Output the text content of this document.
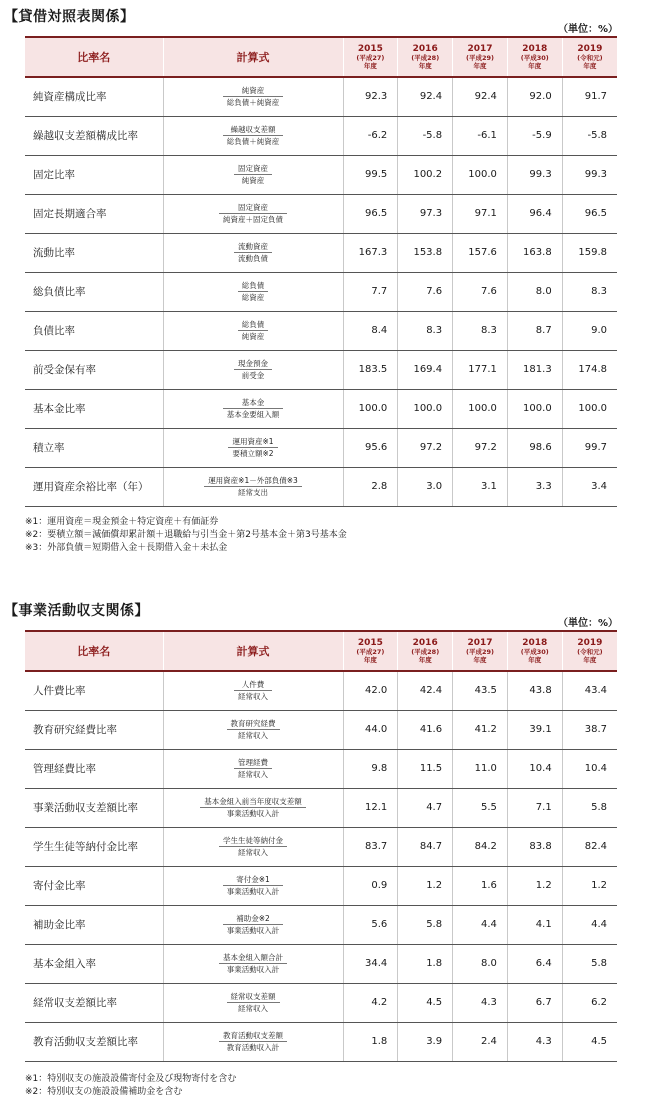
【貸借対照表関係】
（単位：%）
比率名	計算式	2015
(平成27)
年度	2016
(平成28)
年度	2017
(平成29)
年度	2018
(平成30)
年度	2019
(令和元)
年度

純資産構成比率	$\frac{\text{純資産}}{\text{総負債＋純資産}}$	92.3	92.4	92.4	92.0	91.7
繰越収支差額構成比率	$\frac{\text{繰越収支差額}}{\text{総負債＋純資産}}$	-6.2	-5.8	-6.1	-5.9	-5.8
固定比率	$\frac{\text{固定資産}}{\text{純資産}}$	99.5	100.2	100.0	99.3	99.3
固定長期適合率	$\frac{\text{固定資産}}{\text{純資産＋固定負債}}$	96.5	97.3	97.1	96.4	96.5
流動比率	$\frac{\text{流動資産}}{\text{流動負債}}$	167.3	153.8	157.6	163.8	159.8
総負債比率	$\frac{\text{総負債}}{\text{総資産}}$	7.7	7.6	7.6	8.0	8.3
負債比率	$\frac{\text{総負債}}{\text{純資産}}$	8.4	8.3	8.3	8.7	9.0
前受金保有率	$\frac{\text{現金預金}}{\text{前受金}}$	183.5	169.4	177.1	181.3	174.8
基本金比率	$\frac{\text{基本金}}{\text{基本金要組入額}}$	100.0	100.0	100.0	100.0	100.0
積立率	$\frac{\text{運用資産※1}}{\text{要積立額※2}}$	95.6	97.2	97.2	98.6	99.7
運用資産余裕比率（年）	$\frac{\text{運用資産※1－外部負債※3}}{\text{経常支出}}$	2.8	3.0	3.1	3.3	3.4
※1：運用資産＝現金預金＋特定資産＋有価証券
※2：要積立額＝減価償却累計額＋退職給与引当金＋第2号基本金＋第3号基本金
※3：外部負債＝短期借入金＋長期借入金＋未払金
【事業活動収支関係】
（単位：%）
比率名	計算式	2015
(平成27)
年度	2016
(平成28)
年度	2017
(平成29)
年度	2018
(平成30)
年度	2019
(令和元)
年度

人件費比率	$\frac{\text{人件費}}{\text{経常収入}}$	42.0	42.4	43.5	43.8	43.4
教育研究経費比率	$\frac{\text{教育研究経費}}{\text{経常収入}}$	44.0	41.6	41.2	39.1	38.7
管理経費比率	$\frac{\text{管理経費}}{\text{経常収入}}$	9.8	11.5	11.0	10.4	10.4
事業活動収支差額比率	$\frac{\text{基本金組入前当年度収支差額}}{\text{事業活動収入計}}$	12.1	4.7	5.5	7.1	5.8
学生生徒等納付金比率	$\frac{\text{学生生徒等納付金}}{\text{経常収入}}$	83.7	84.7	84.2	83.8	82.4
寄付金比率	$\frac{\text{寄付金※1}}{\text{事業活動収入計}}$	0.9	1.2	1.6	1.2	1.2
補助金比率	$\frac{\text{補助金※2}}{\text{事業活動収入計}}$	5.6	5.8	4.4	4.1	4.4
基本金組入率	$\frac{\text{基本金組入額合計}}{\text{事業活動収入計}}$	34.4	1.8	8.0	6.4	5.8
経常収支差額比率	$\frac{\text{経常収支差額}}{\text{経常収入}}$	4.2	4.5	4.3	6.7	6.2
教育活動収支差額比率	$\frac{\text{教育活動収支差額}}{\text{教育活動収入計}}$	1.8	3.9	2.4	4.3	4.5
※1：特別収支の施設設備寄付金及び現物寄付を含む
※2：特別収支の施設設備補助金を含む
